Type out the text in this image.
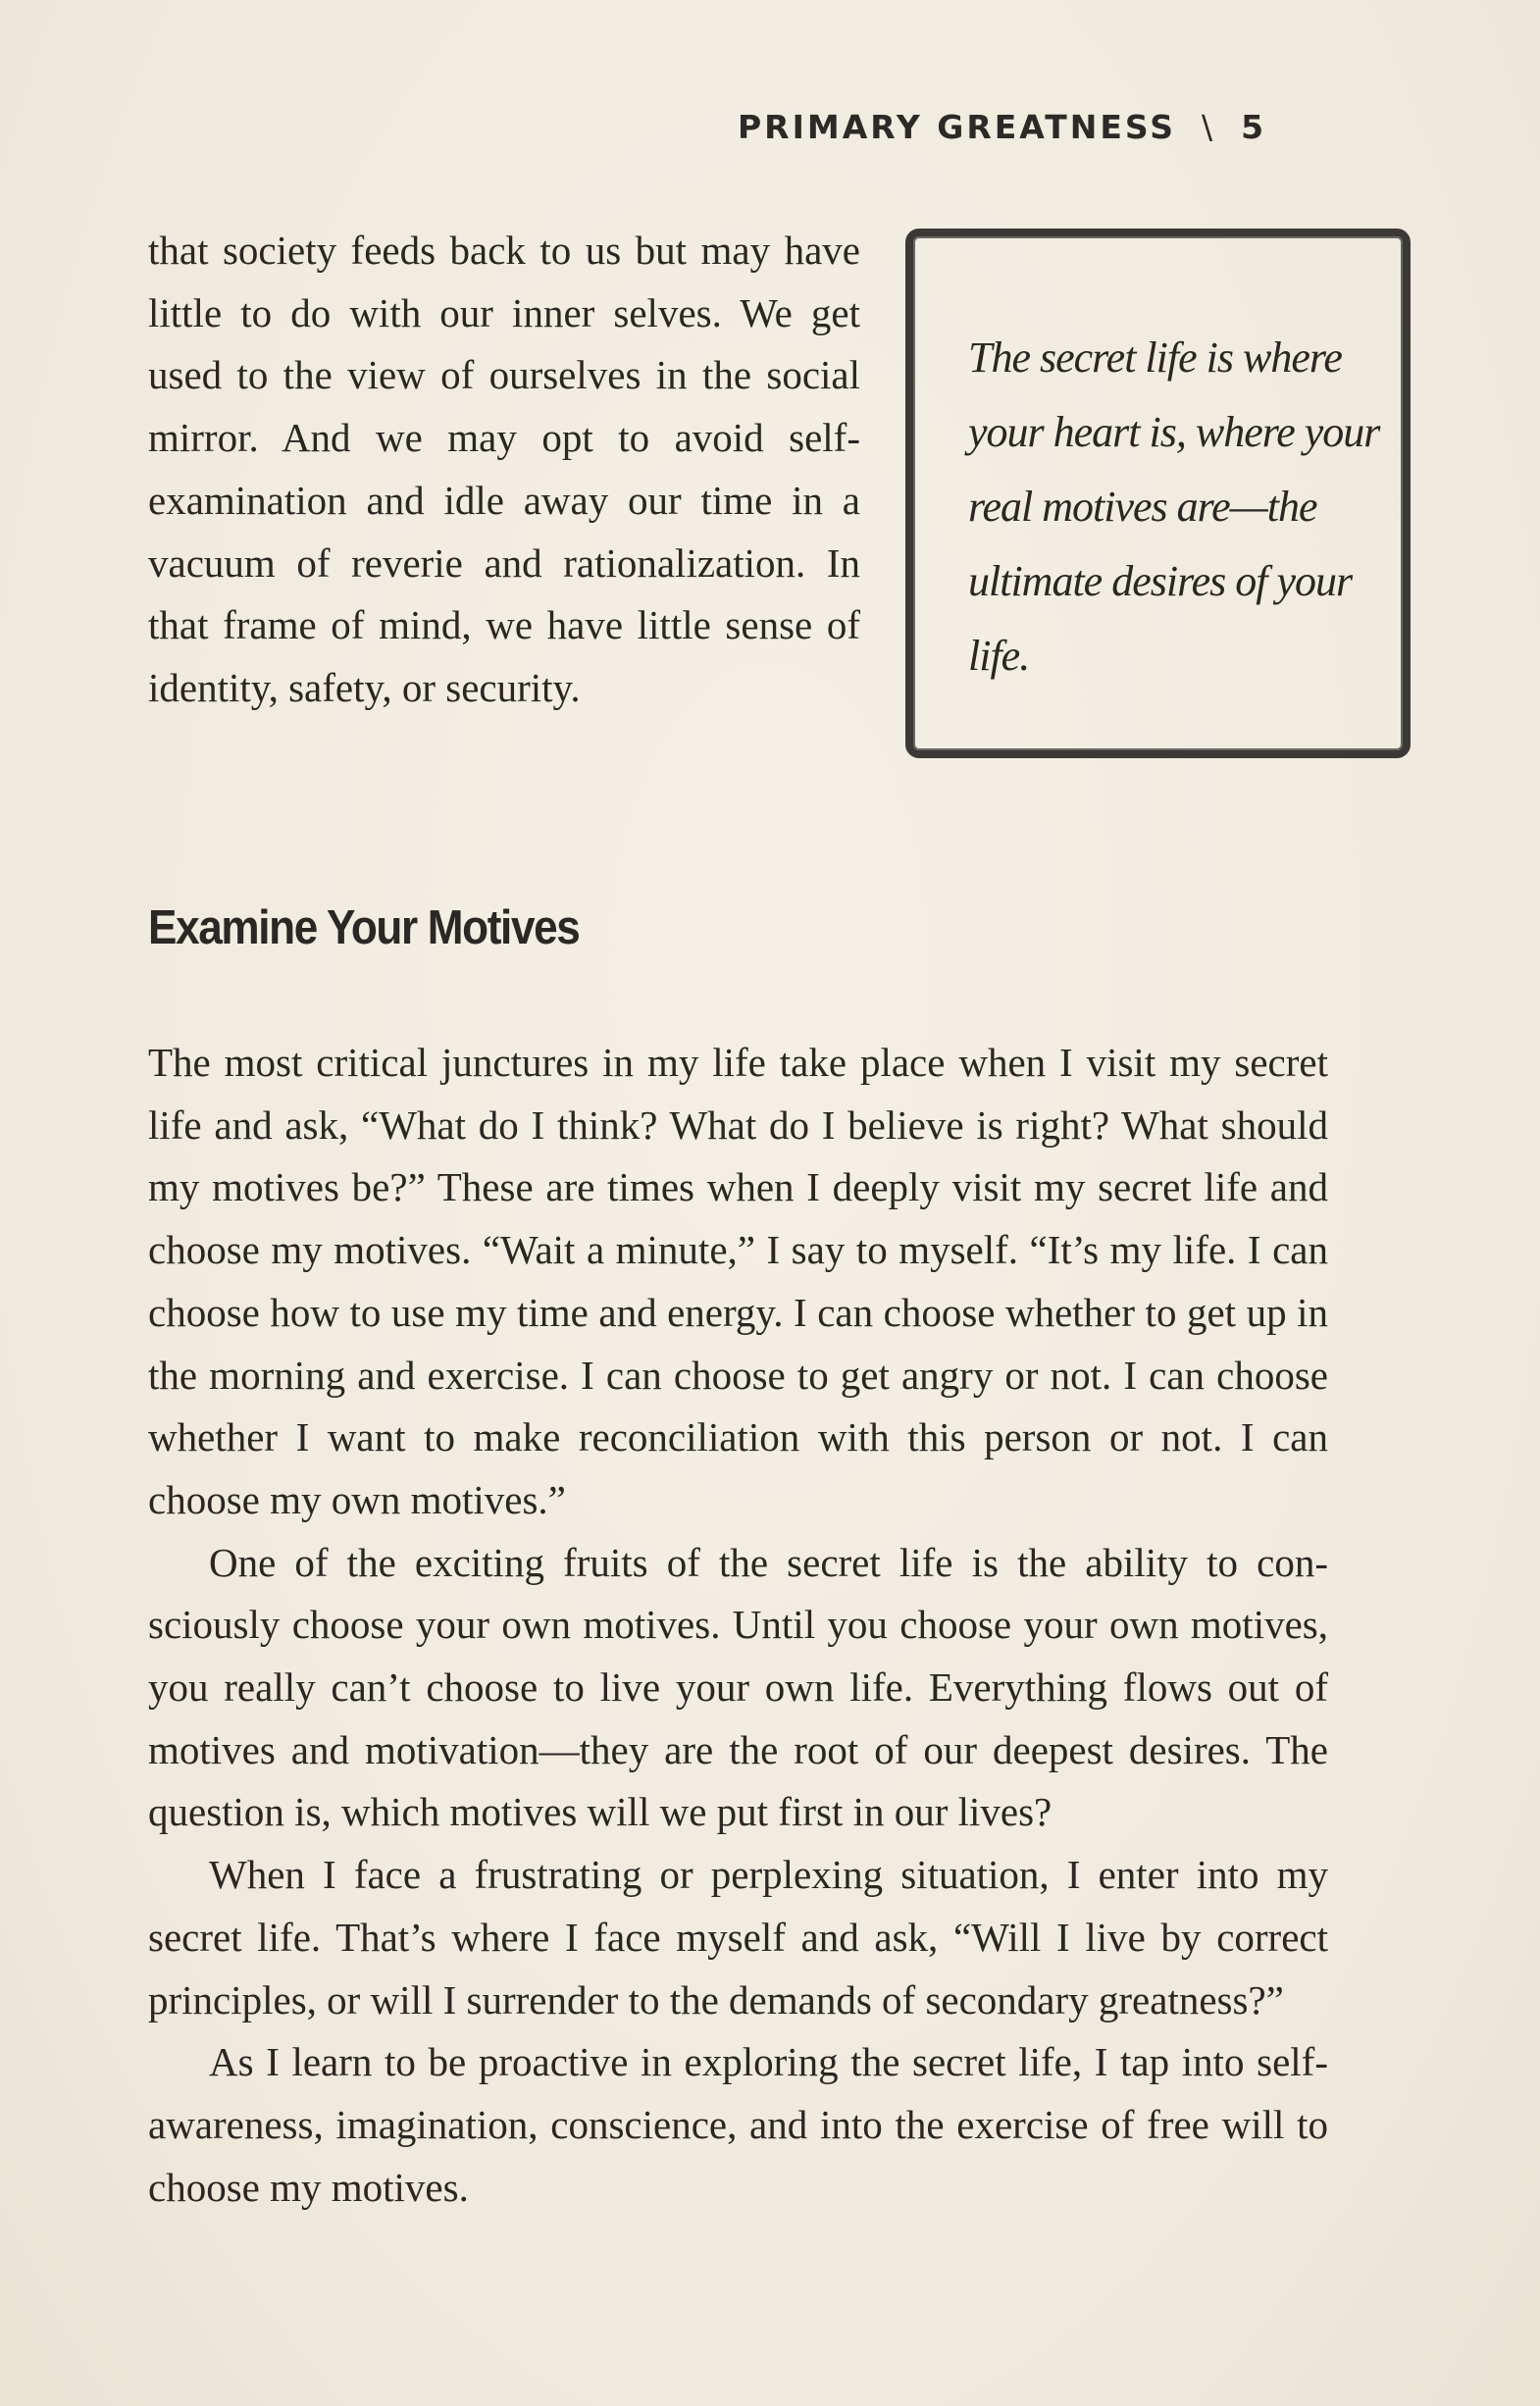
PRIMARY GREATNESS \ 5
that society feeds back to us but may have little to do with our inner selves. We get used to the view of ourselves in the social mirror. And we may opt to avoid self-examination and idle away our time in a vacuum of reverie and rationalization. In that frame of mind, we have little sense of identity, safety, or security.
The secret life is where your heart is, where your real motives are—the ultimate desires of your life.
Examine Your Motives

The most critical junctures in my life take place when I visit my secret life and ask, “What do I think? What do I believe is right? What should my motives be?” These are times when I deeply visit my secret life and choose my motives. “Wait a minute,” I say to myself. “It’s my life. I can choose how to use my time and energy. I can choose whether to get up in the morning and exercise. I can choose to get angry or not. I can choose whether I want to make reconciliation with this person or not. I can choose my own motives.”

One of the exciting fruits of the secret life is the ability to consciously choose your own motives. Until you choose your own motives, you really can’t choose to live your own life. Everything flows out of motives and motivation—they are the root of our deepest desires. The question is, which motives will we put first in our lives?

When I face a frustrating or perplexing situation, I enter into my secret life. That’s where I face myself and ask, “Will I live by correct principles, or will I surrender to the demands of secondary greatness?”

As I learn to be proactive in exploring the secret life, I tap into self-awareness, imagination, conscience, and into the exercise of free will to choose my motives.
